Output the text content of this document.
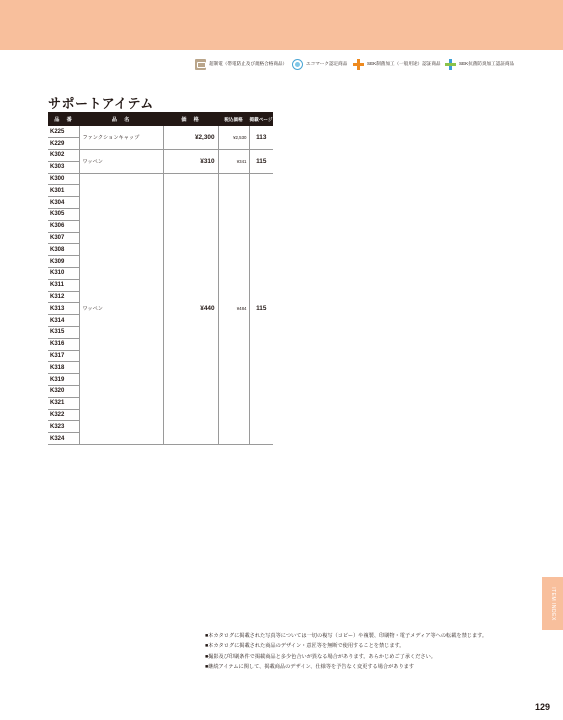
超制電（帯電防止及び規格合格商品）	エコマーク認定商品	SEK制菌加工（一般用途）認証商品	SEK抗菌防臭加工認証商品
サポートアイテム
品　番	品　名	価　格	税込価格	掲載ページ
K225	ファンクションキャップ	¥2,300	¥2,530	113
K229				
K302	ワッペン	¥310	¥341	115
K303				
K300	ワッペン	¥440	¥484	115
K301				
K304				
K305				
K306				
K307				
K308				
K309				
K310				
K311				
K312				
K313				
K314				
K315				
K316				
K317				
K318				
K319				
K320				
K321				
K322				
K323				
K324				
ITEM INDEX
■本カタログに掲載された写真等については一切の複写（コピー）や複製、印刷物・電子メディア等への転載を禁じます。
■本カタログに掲載された商品のデザイン・意匠等を無断で使用することを禁じます。
■撮影及び印刷条件で掲載商品と多少色合いが異なる場合があります。あらかじめご了承ください。
■継続アイテムに関して、掲載商品のデザイン、仕様等を予告なく変更する場合があります
129
